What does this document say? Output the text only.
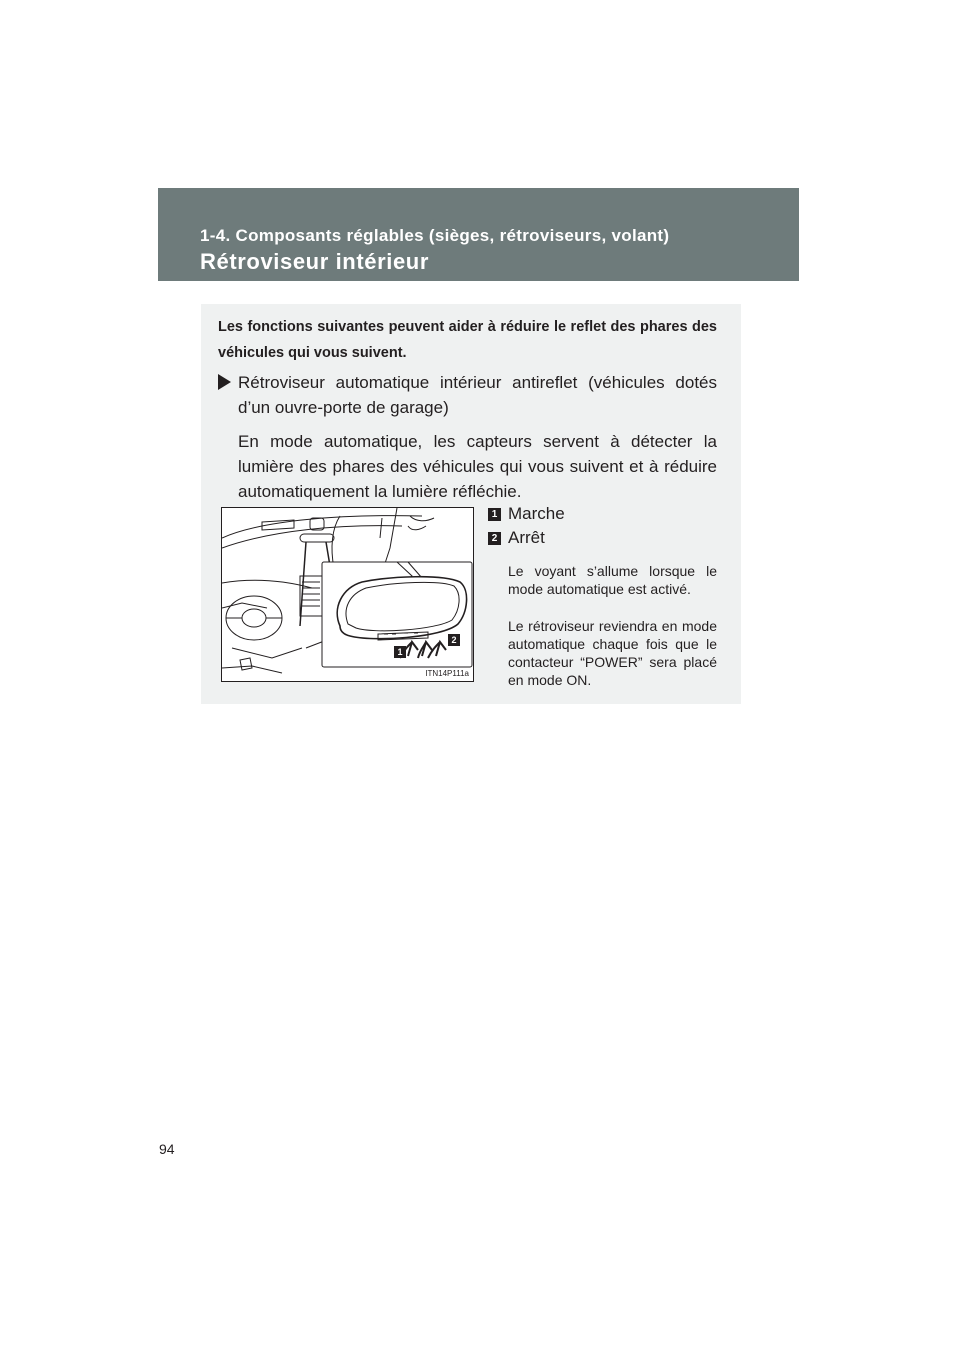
1-4. Composants réglables (sièges, rétroviseurs, volant)
Rétroviseur intérieur

Les fonctions suivantes peuvent aider à réduire le reflet des phares des véhicules qui vous suivent.

Rétroviseur automatique intérieur antireflet (véhicules dotés d’un ouvre-porte de garage)

En mode automatique, les capteurs servent à détecter la lumière des phares des véhicules qui vous suivent et à réduire automatiquement la lumière réfléchie.

1
2
ITN14P111a
1 Marche
2 Arrêt

Le voyant s’allume lorsque le mode automatique est activé.

Le rétroviseur reviendra en mode automatique chaque fois que le contacteur “POWER” sera placé en mode ON.

94
